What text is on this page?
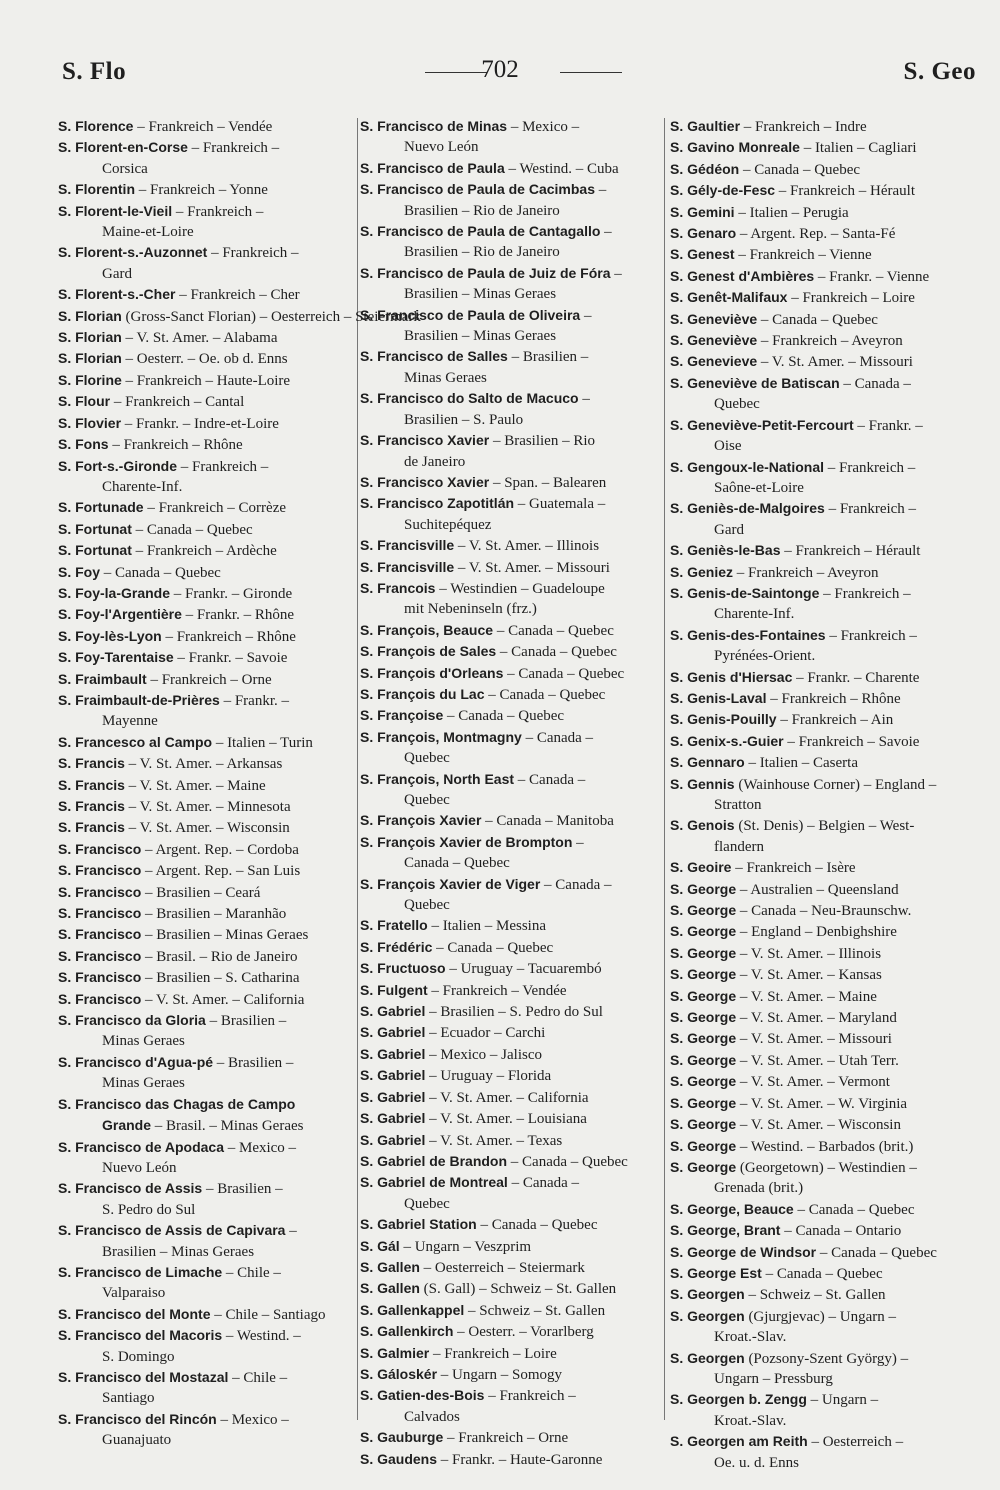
S. Flo	702	S. Geo
S. Florence – Frankreich – Vendée
S. Florent-en-Corse – Frankreich –
Corsica
S. Florentin – Frankreich – Yonne
S. Florent-le-Vieil – Frankreich –
Maine-et-Loire
S. Florent-s.-Auzonnet – Frankreich –
Gard
S. Florent-s.-Cher – Frankreich – Cher
S. Florian (Gross-Sanct Florian) – Oesterreich – Steiermark
S. Florian – V. St. Amer. – Alabama
S. Florian – Oesterr. – Oe. ob d. Enns
S. Florine – Frankreich – Haute-Loire
S. Flour – Frankreich – Cantal
S. Flovier – Frankr. – Indre-et-Loire
S. Fons – Frankreich – Rhône
S. Fort-s.-Gironde – Frankreich –
Charente-Inf.
S. Fortunade – Frankreich – Corrèze
S. Fortunat – Canada – Quebec
S. Fortunat – Frankreich – Ardèche
S. Foy – Canada – Quebec
S. Foy-la-Grande – Frankr. – Gironde
S. Foy-l'Argentière – Frankr. – Rhône
S. Foy-lès-Lyon – Frankreich – Rhône
S. Foy-Tarentaise – Frankr. – Savoie
S. Fraimbault – Frankreich – Orne
S. Fraimbault-de-Prières – Frankr. –
Mayenne
S. Francesco al Campo – Italien – Turin
S. Francis – V. St. Amer. – Arkansas
S. Francis – V. St. Amer. – Maine
S. Francis – V. St. Amer. – Minnesota
S. Francis – V. St. Amer. – Wisconsin
S. Francisco – Argent. Rep. – Cordoba
S. Francisco – Argent. Rep. – San Luis
S. Francisco – Brasilien – Ceará
S. Francisco – Brasilien – Maranhão
S. Francisco – Brasilien – Minas Geraes
S. Francisco – Brasil. – Rio de Janeiro
S. Francisco – Brasilien – S. Catharina
S. Francisco – V. St. Amer. – California
S. Francisco da Gloria – Brasilien –
Minas Geraes
S. Francisco d'Agua-pé – Brasilien –
Minas Geraes
S. Francisco das Chagas de Campo
Grande – Brasil. – Minas Geraes
S. Francisco de Apodaca – Mexico –
Nuevo León
S. Francisco de Assis – Brasilien –
S. Pedro do Sul
S. Francisco de Assis de Capivara –
Brasilien – Minas Geraes
S. Francisco de Limache – Chile –
Valparaiso
S. Francisco del Monte – Chile – Santiago
S. Francisco del Macoris – Westind. –
S. Domingo
S. Francisco del Mostazal – Chile –
Santiago
S. Francisco del Rincón – Mexico –
Guanajuato
S. Francisco de Minas – Mexico –
Nuevo León
S. Francisco de Paula – Westind. – Cuba
S. Francisco de Paula de Cacimbas –
Brasilien – Rio de Janeiro
S. Francisco de Paula de Cantagallo –
Brasilien – Rio de Janeiro
S. Francisco de Paula de Juiz de Fóra –
Brasilien – Minas Geraes
S. Francisco de Paula de Oliveira –
Brasilien – Minas Geraes
S. Francisco de Salles – Brasilien –
Minas Geraes
S. Francisco do Salto de Macuco –
Brasilien – S. Paulo
S. Francisco Xavier – Brasilien – Rio
de Janeiro
S. Francisco Xavier – Span. – Balearen
S. Francisco Zapotitlán – Guatemala –
Suchitepéquez
S. Francisville – V. St. Amer. – Illinois
S. Francisville – V. St. Amer. – Missouri
S. Francois – Westindien – Guadeloupe
mit Nebeninseln (frz.)
S. François, Beauce – Canada – Quebec
S. François de Sales – Canada – Quebec
S. François d'Orleans – Canada – Quebec
S. François du Lac – Canada – Quebec
S. Françoise – Canada – Quebec
S. François, Montmagny – Canada –
Quebec
S. François, North East – Canada –
Quebec
S. François Xavier – Canada – Manitoba
S. François Xavier de Brompton –
Canada – Quebec
S. François Xavier de Viger – Canada –
Quebec
S. Fratello – Italien – Messina
S. Frédéric – Canada – Quebec
S. Fructuoso – Uruguay – Tacuarembó
S. Fulgent – Frankreich – Vendée
S. Gabriel – Brasilien – S. Pedro do Sul
S. Gabriel – Ecuador – Carchi
S. Gabriel – Mexico – Jalisco
S. Gabriel – Uruguay – Florida
S. Gabriel – V. St. Amer. – California
S. Gabriel – V. St. Amer. – Louisiana
S. Gabriel – V. St. Amer. – Texas
S. Gabriel de Brandon – Canada – Quebec
S. Gabriel de Montreal – Canada –
Quebec
S. Gabriel Station – Canada – Quebec
S. Gál – Ungarn – Veszprim
S. Gallen – Oesterreich – Steiermark
S. Gallen (S. Gall) – Schweiz – St. Gallen
S. Gallenkappel – Schweiz – St. Gallen
S. Gallenkirch – Oesterr. – Vorarlberg
S. Galmier – Frankreich – Loire
S. Gáloskér – Ungarn – Somogy
S. Gatien-des-Bois – Frankreich –
Calvados
S. Gauburge – Frankreich – Orne
S. Gaudens – Frankr. – Haute-Garonne
S. Gaultier – Frankreich – Indre
S. Gavino Monreale – Italien – Cagliari
S. Gédéon – Canada – Quebec
S. Gély-de-Fesc – Frankreich – Hérault
S. Gemini – Italien – Perugia
S. Genaro – Argent. Rep. – Santa-Fé
S. Genest – Frankreich – Vienne
S. Genest d'Ambières – Frankr. – Vienne
S. Genêt-Malifaux – Frankreich – Loire
S. Geneviève – Canada – Quebec
S. Geneviève – Frankreich – Aveyron
S. Genevieve – V. St. Amer. – Missouri
S. Geneviève de Batiscan – Canada –
Quebec
S. Geneviève-Petit-Fercourt – Frankr. –
Oise
S. Gengoux-le-National – Frankreich –
Saône-et-Loire
S. Geniès-de-Malgoires – Frankreich –
Gard
S. Geniès-le-Bas – Frankreich – Hérault
S. Geniez – Frankreich – Aveyron
S. Genis-de-Saintonge – Frankreich –
Charente-Inf.
S. Genis-des-Fontaines – Frankreich –
Pyrénées-Orient.
S. Genis d'Hiersac – Frankr. – Charente
S. Genis-Laval – Frankreich – Rhône
S. Genis-Pouilly – Frankreich – Ain
S. Genix-s.-Guier – Frankreich – Savoie
S. Gennaro – Italien – Caserta
S. Gennis (Wainhouse Corner) – England –
Stratton
S. Genois (St. Denis) – Belgien – West-
flandern
S. Geoire – Frankreich – Isère
S. George – Australien – Queensland
S. George – Canada – Neu-Braunschw.
S. George – England – Denbighshire
S. George – V. St. Amer. – Illinois
S. George – V. St. Amer. – Kansas
S. George – V. St. Amer. – Maine
S. George – V. St. Amer. – Maryland
S. George – V. St. Amer. – Missouri
S. George – V. St. Amer. – Utah Terr.
S. George – V. St. Amer. – Vermont
S. George – V. St. Amer. – W. Virginia
S. George – V. St. Amer. – Wisconsin
S. George – Westind. – Barbados (brit.)
S. George (Georgetown) – Westindien –
Grenada (brit.)
S. George, Beauce – Canada – Quebec
S. George, Brant – Canada – Ontario
S. George de Windsor – Canada – Quebec
S. George Est – Canada – Quebec
S. Georgen – Schweiz – St. Gallen
S. Georgen (Gjurgjevac) – Ungarn –
Kroat.-Slav.
S. Georgen (Pozsony-Szent György) –
Ungarn – Pressburg
S. Georgen b. Zengg – Ungarn –
Kroat.-Slav.
S. Georgen am Reith – Oesterreich –
Oe. u. d. Enns
